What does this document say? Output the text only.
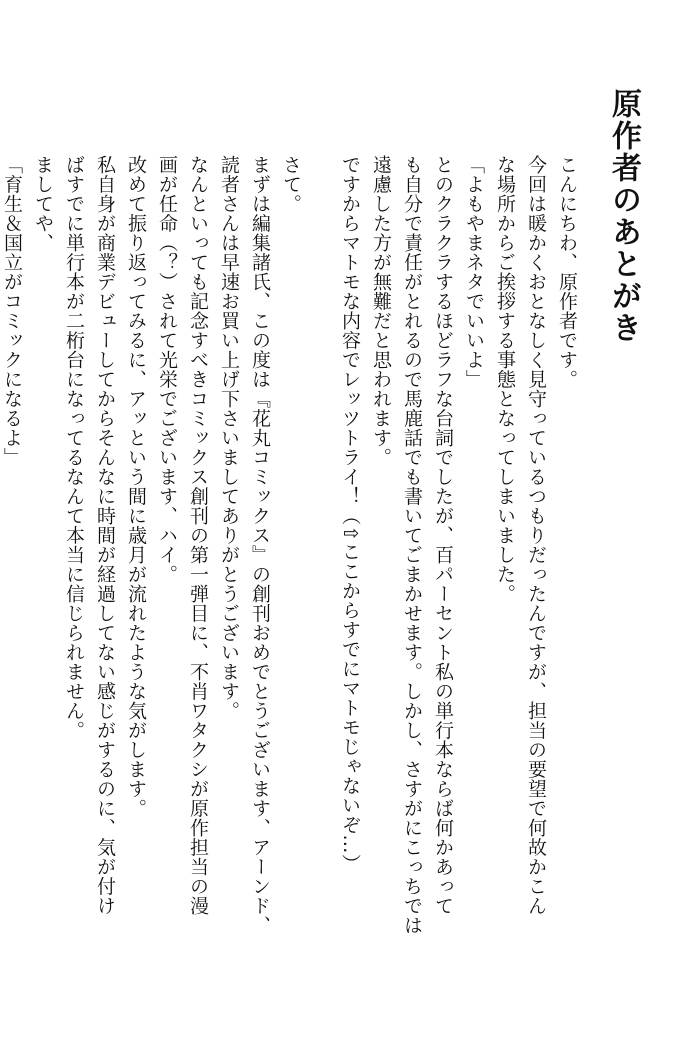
原作者のあとがき
こんにちわ、原作者です。
今回は暖かくおとなしく見守っているつもりだったんですが、担当の要望で何故かこん
な場所からご挨拶する事態となってしまいました。
「よもやまネタでいいよ」
とのクラクラするほどラフな台詞でしたが、百パーセント私の単行本ならば何かあって
も自分で責任がとれるので馬鹿話でも書いてごまかせます。しかし、さすがにこっちでは
遠慮した方が無難だと思われます。
ですからマトモな内容でレッツトライ！（⇧ここからすでにマトモじゃないぞ…）
さて。
まずは編集諸氏、この度は『花丸コミックス』の創刊おめでとうございます、アーンド、
読者さんは早速お買い上げ下さいましてありがとうございます。
なんといっても記念すべきコミックス創刊の第一弾目に、不肖ワタクシが原作担当の漫
画が任命（？）されて光栄でございます、ハイ。
改めて振り返ってみるに、アッという間に歳月が流れたような気がします。
私自身が商業デビューしてからそんなに時間が経過してない感じがするのに、気が付け
ばすでに単行本が二桁台になってるなんて本当に信じられません。
ましてや、
「育生＆国立がコミックになるよ」
